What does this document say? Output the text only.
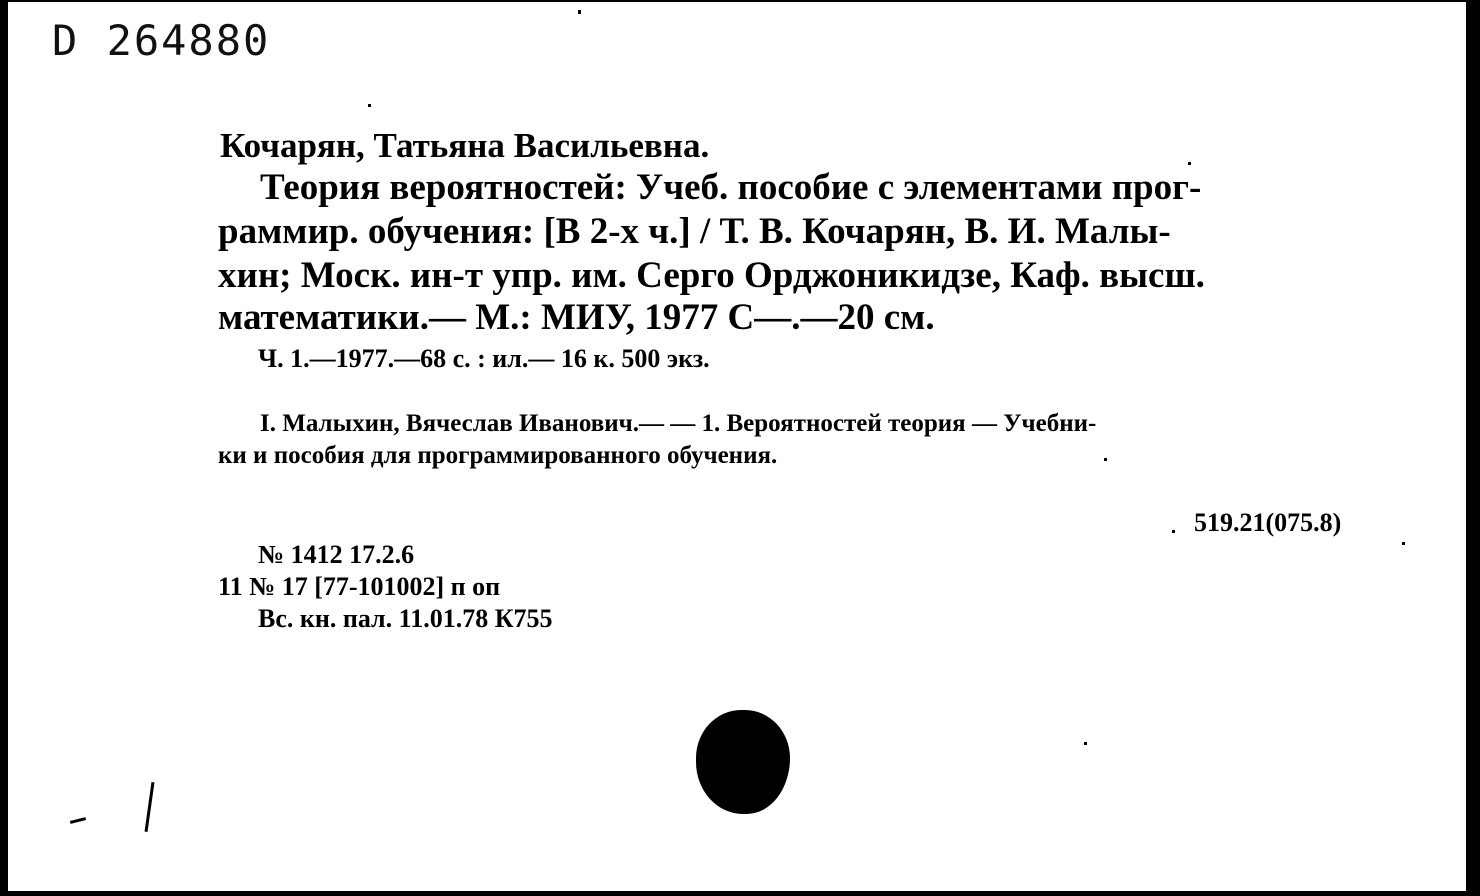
D 264880
Кочарян, Татьяна Васильевна.
Теория вероятностей: Учеб. пособие с элементами прог-
раммир. обучения: [В 2-х ч.] / Т. В. Кочарян, В. И. Малы-
хин; Моск. ин-т упр. им. Серго Орджоникидзе, Каф. высш.
математики.— М.: МИУ, 1977 С—.—20 см.
Ч. 1.—1977.—68 с. : ил.— 16 к. 500 экз.
I. Малыхин, Вячеслав Иванович.— — 1. Вероятностей теория — Учебни-
ки и пособия для программированного обучения.
519.21(075.8)
№ 1412 17.2.6
11 № 17 [77-101002] п оп
Вс. кн. пал. 11.01.78 К755
